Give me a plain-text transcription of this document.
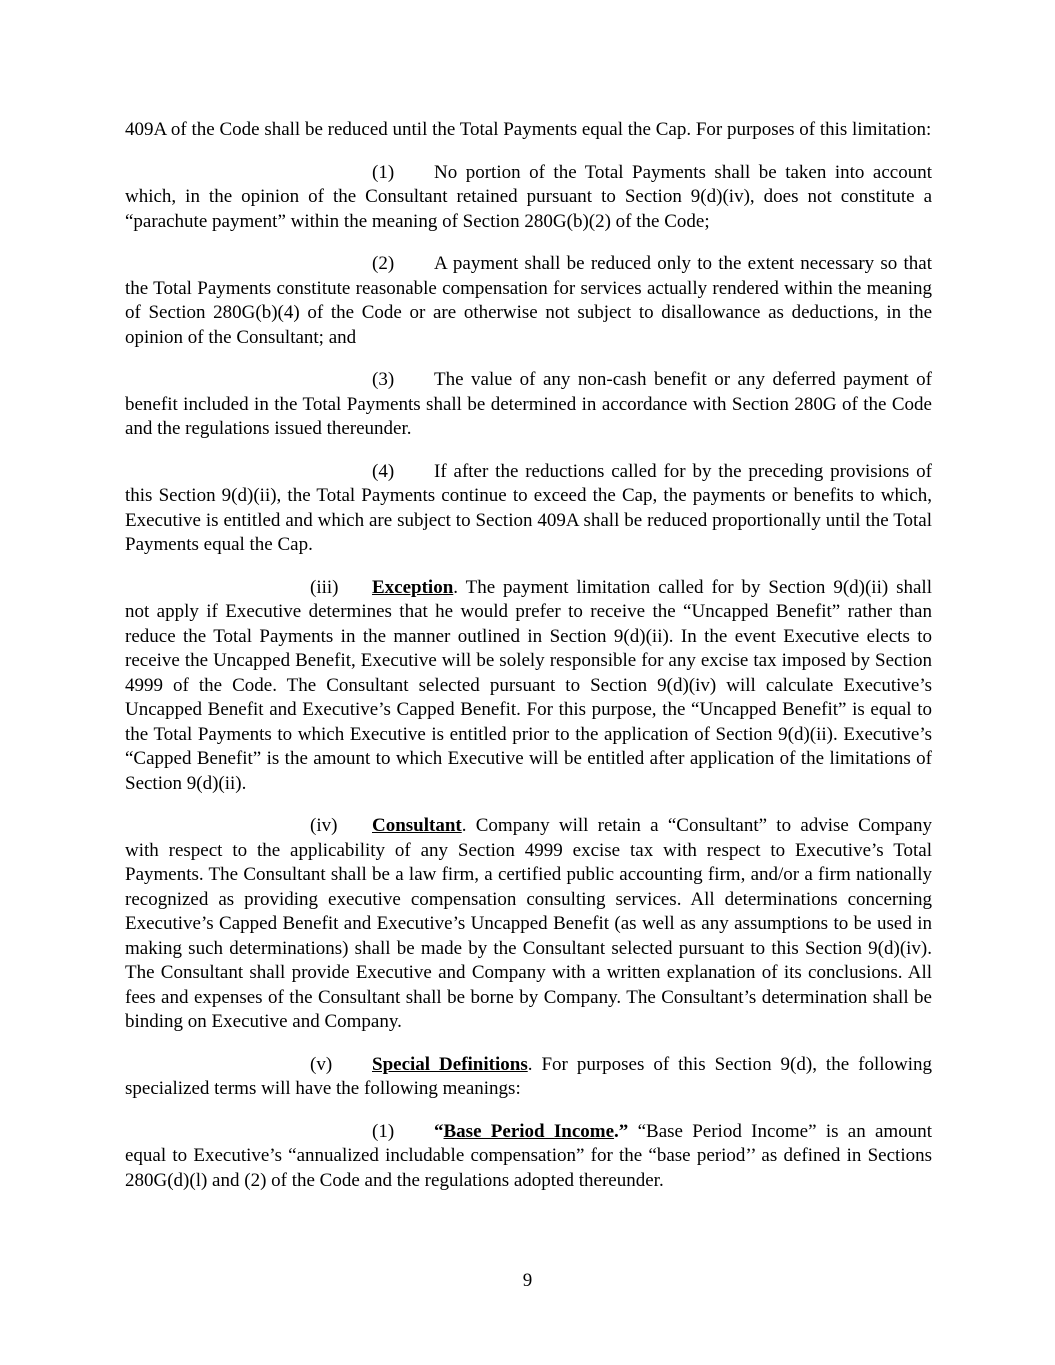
409A of the Code shall be reduced until the Total Payments equal the Cap. For purposes of this limitation:

(1) No portion of the Total Payments shall be taken into account which, in the opinion of the Consultant retained pursuant to Section 9(d)(iv), does not constitute a “parachute payment” within the meaning of Section 280G(b)(2) of the Code;

(2) A payment shall be reduced only to the extent necessary so that the Total Payments constitute reasonable compensation for services actually rendered within the meaning of Section 280G(b)(4) of the Code or are otherwise not subject to disallowance as deductions, in the opinion of the Consultant; and

(3) The value of any non-cash benefit or any deferred payment of benefit included in the Total Payments shall be determined in accordance with Section 280G of the Code and the regulations issued thereunder.

(4) If after the reductions called for by the preceding provisions of this Section 9(d)(ii), the Total Payments continue to exceed the Cap, the payments or benefits to which, Executive is entitled and which are subject to Section 409A shall be reduced proportionally until the Total Payments equal the Cap.

(iii) Exception. The payment limitation called for by Section 9(d)(ii) shall not apply if Executive determines that he would prefer to receive the “Uncapped Benefit” rather than reduce the Total Payments in the manner outlined in Section 9(d)(ii). In the event Executive elects to receive the Uncapped Benefit, Executive will be solely responsible for any excise tax imposed by Section 4999 of the Code. The Consultant selected pursuant to Section 9(d)(iv) will calculate Executive’s Uncapped Benefit and Executive’s Capped Benefit. For this purpose, the “Uncapped Benefit” is equal to the Total Payments to which Executive is entitled prior to the application of Section 9(d)(ii). Executive’s “Capped Benefit” is the amount to which Executive will be entitled after application of the limitations of Section 9(d)(ii).

(iv) Consultant. Company will retain a “Consultant” to advise Company with respect to the applicability of any Section 4999 excise tax with respect to Executive’s Total Payments. The Consultant shall be a law firm, a certified public accounting firm, and/or a firm nationally recognized as providing executive compensation consulting services. All determinations concerning Executive’s Capped Benefit and Executive’s Uncapped Benefit (as well as any assumptions to be used in making such determinations) shall be made by the Consultant selected pursuant to this Section 9(d)(iv). The Consultant shall provide Executive and Company with a written explanation of its conclusions. All fees and expenses of the Consultant shall be borne by Company. The Consultant’s determination shall be binding on Executive and Company.

(v) Special Definitions. For purposes of this Section 9(d), the following specialized terms will have the following meanings:

(1) “Base Period Income.” “Base Period Income” is an amount equal to Executive’s “annualized includable compensation” for the “base period’’ as defined in Sections 280G(d)(l) and (2) of the Code and the regulations adopted thereunder.

9
